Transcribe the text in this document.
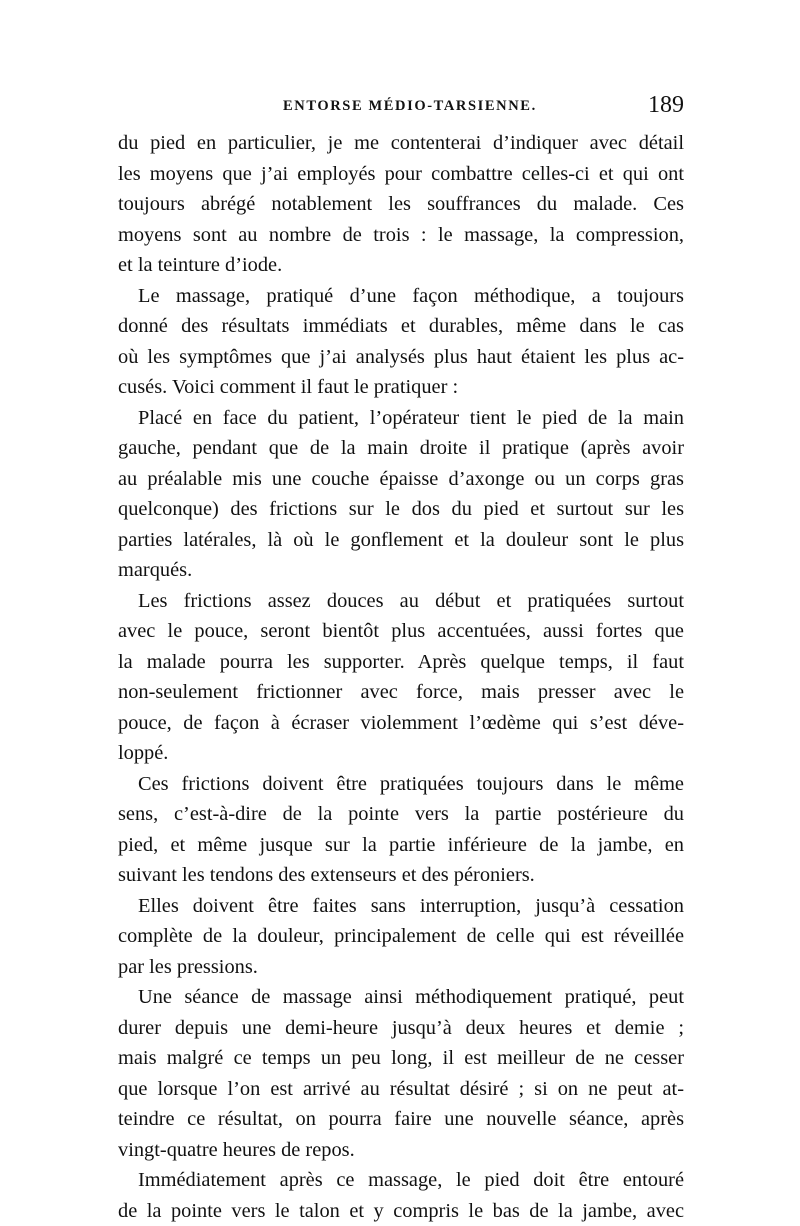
ENTORSE MÉDIO-TARSIENNE.	189
du pied en particulier, je me contenterai d’indiquer avec détail
les moyens que j’ai employés pour combattre celles-ci et qui ont
toujours abrégé notablement les souffrances du malade. Ces
moyens sont au nombre de trois : le massage, la compression,
et la teinture d’iode.
Le massage, pratiqué d’une façon méthodique, a toujours
donné des résultats immédiats et durables, même dans le cas
où les symptômes que j’ai analysés plus haut étaient les plus ac-
cusés. Voici comment il faut le pratiquer :
Placé en face du patient, l’opérateur tient le pied de la main
gauche, pendant que de la main droite il pratique (après avoir
au préalable mis une couche épaisse d’axonge ou un corps gras
quelconque) des frictions sur le dos du pied et surtout sur les
parties latérales, là où le gonflement et la douleur sont le plus
marqués.
Les frictions assez douces au début et pratiquées surtout
avec le pouce, seront bientôt plus accentuées, aussi fortes que
la malade pourra les supporter. Après quelque temps, il faut
non-seulement frictionner avec force, mais presser avec le
pouce, de façon à écraser violemment l’œdème qui s’est déve-
loppé.
Ces frictions doivent être pratiquées toujours dans le même
sens, c’est-à-dire de la pointe vers la partie postérieure du
pied, et même jusque sur la partie inférieure de la jambe, en
suivant les tendons des extenseurs et des péroniers.
Elles doivent être faites sans interruption, jusqu’à cessation
complète de la douleur, principalement de celle qui est réveillée
par les pressions.
Une séance de massage ainsi méthodiquement pratiqué, peut
durer depuis une demi-heure jusqu’à deux heures et demie ;
mais malgré ce temps un peu long, il est meilleur de ne cesser
que lorsque l’on est arrivé au résultat désiré ; si on ne peut at-
teindre ce résultat, on pourra faire une nouvelle séance, après
vingt-quatre heures de repos.
Immédiatement après ce massage, le pied doit être entouré
de la pointe vers le talon et y compris le bas de la jambe, avec
